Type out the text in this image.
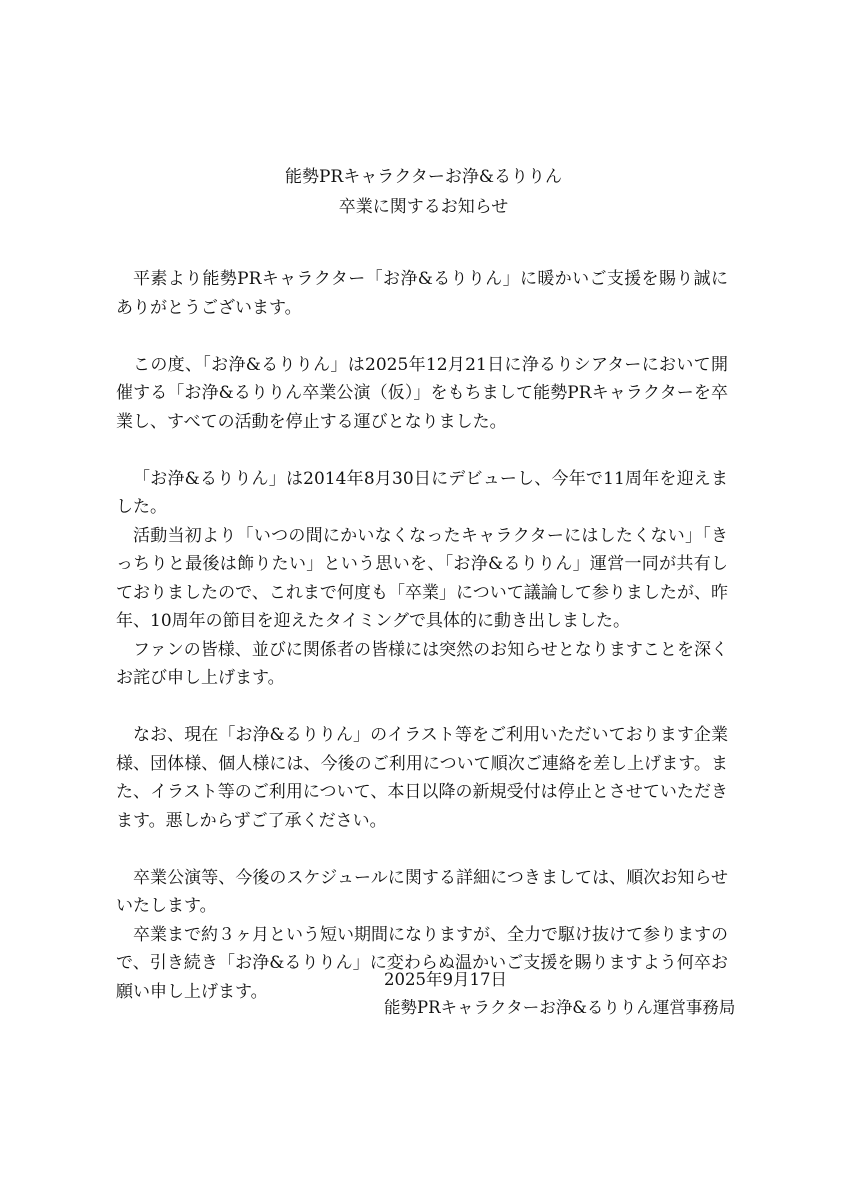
能勢PRキャラクターお浄&るりりん
卒業に関するお知らせ

平素より能勢PRキャラクター「お浄&るりりん」に暖かいご支援を賜り誠にありがとうございます。

この度、「お浄&るりりん」は2025年12月21日に浄るりシアターにおいて開催する「お浄&るりりん卒業公演（仮）」をもちまして能勢PRキャラクターを卒業し、すべての活動を停止する運びとなりました。

「お浄&るりりん」は2014年8月30日にデビューし、今年で11周年を迎えました。

活動当初より「いつの間にかいなくなったキャラクターにはしたくない」「きっちりと最後は飾りたい」という思いを、「お浄&るりりん」運営一同が共有しておりましたので、これまで何度も「卒業」について議論して参りましたが、昨年、10周年の節目を迎えたタイミングで具体的に動き出しました。

ファンの皆様、並びに関係者の皆様には突然のお知らせとなりますことを深くお詫び申し上げます。

なお、現在「お浄&るりりん」のイラスト等をご利用いただいております企業様、団体様、個人様には、今後のご利用について順次ご連絡を差し上げます。また、イラスト等のご利用について、本日以降の新規受付は停止とさせていただきます。悪しからずご了承ください。

卒業公演等、今後のスケジュールに関する詳細につきましては、順次お知らせいたします。

卒業まで約３ヶ月という短い期間になりますが、全力で駆け抜けて参りますので、引き続き「お浄&るりりん」に変わらぬ温かいご支援を賜りますよう何卒お願い申し上げます。

2025年9月17日
能勢PRキャラクターお浄&るりりん運営事務局
